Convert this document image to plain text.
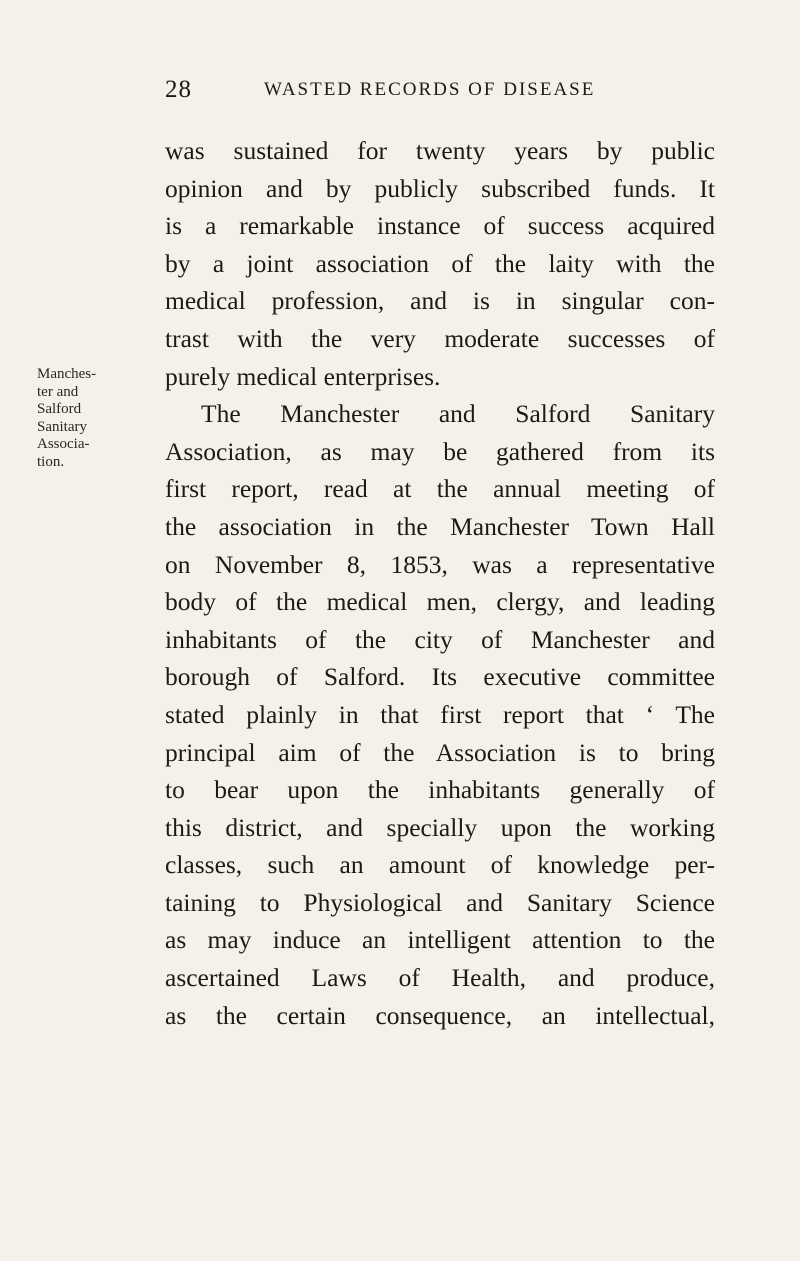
28	WASTED RECORDS OF DISEASE
Manches-
ter and
Salford
Sanitary
Associa-
tion.
was sustained for twenty years by public
opinion and by publicly subscribed funds. It
is a remarkable instance of success acquired
by a joint association of the laity with the
medical profession, and is in singular con-
trast with the very moderate successes of
purely medical enterprises.
The Manchester and Salford Sanitary
Association, as may be gathered from its
first report, read at the annual meeting of
the association in the Manchester Town Hall
on November 8, 1853, was a representative
body of the medical men, clergy, and leading
inhabitants of the city of Manchester and
borough of Salford. Its executive committee
stated plainly in that first report that ‘ The
principal aim of the Association is to bring
to bear upon the inhabitants generally of
this district, and specially upon the working
classes, such an amount of knowledge per-
taining to Physiological and Sanitary Science
as may induce an intelligent attention to the
ascertained Laws of Health, and produce,
as the certain consequence, an intellectual,
